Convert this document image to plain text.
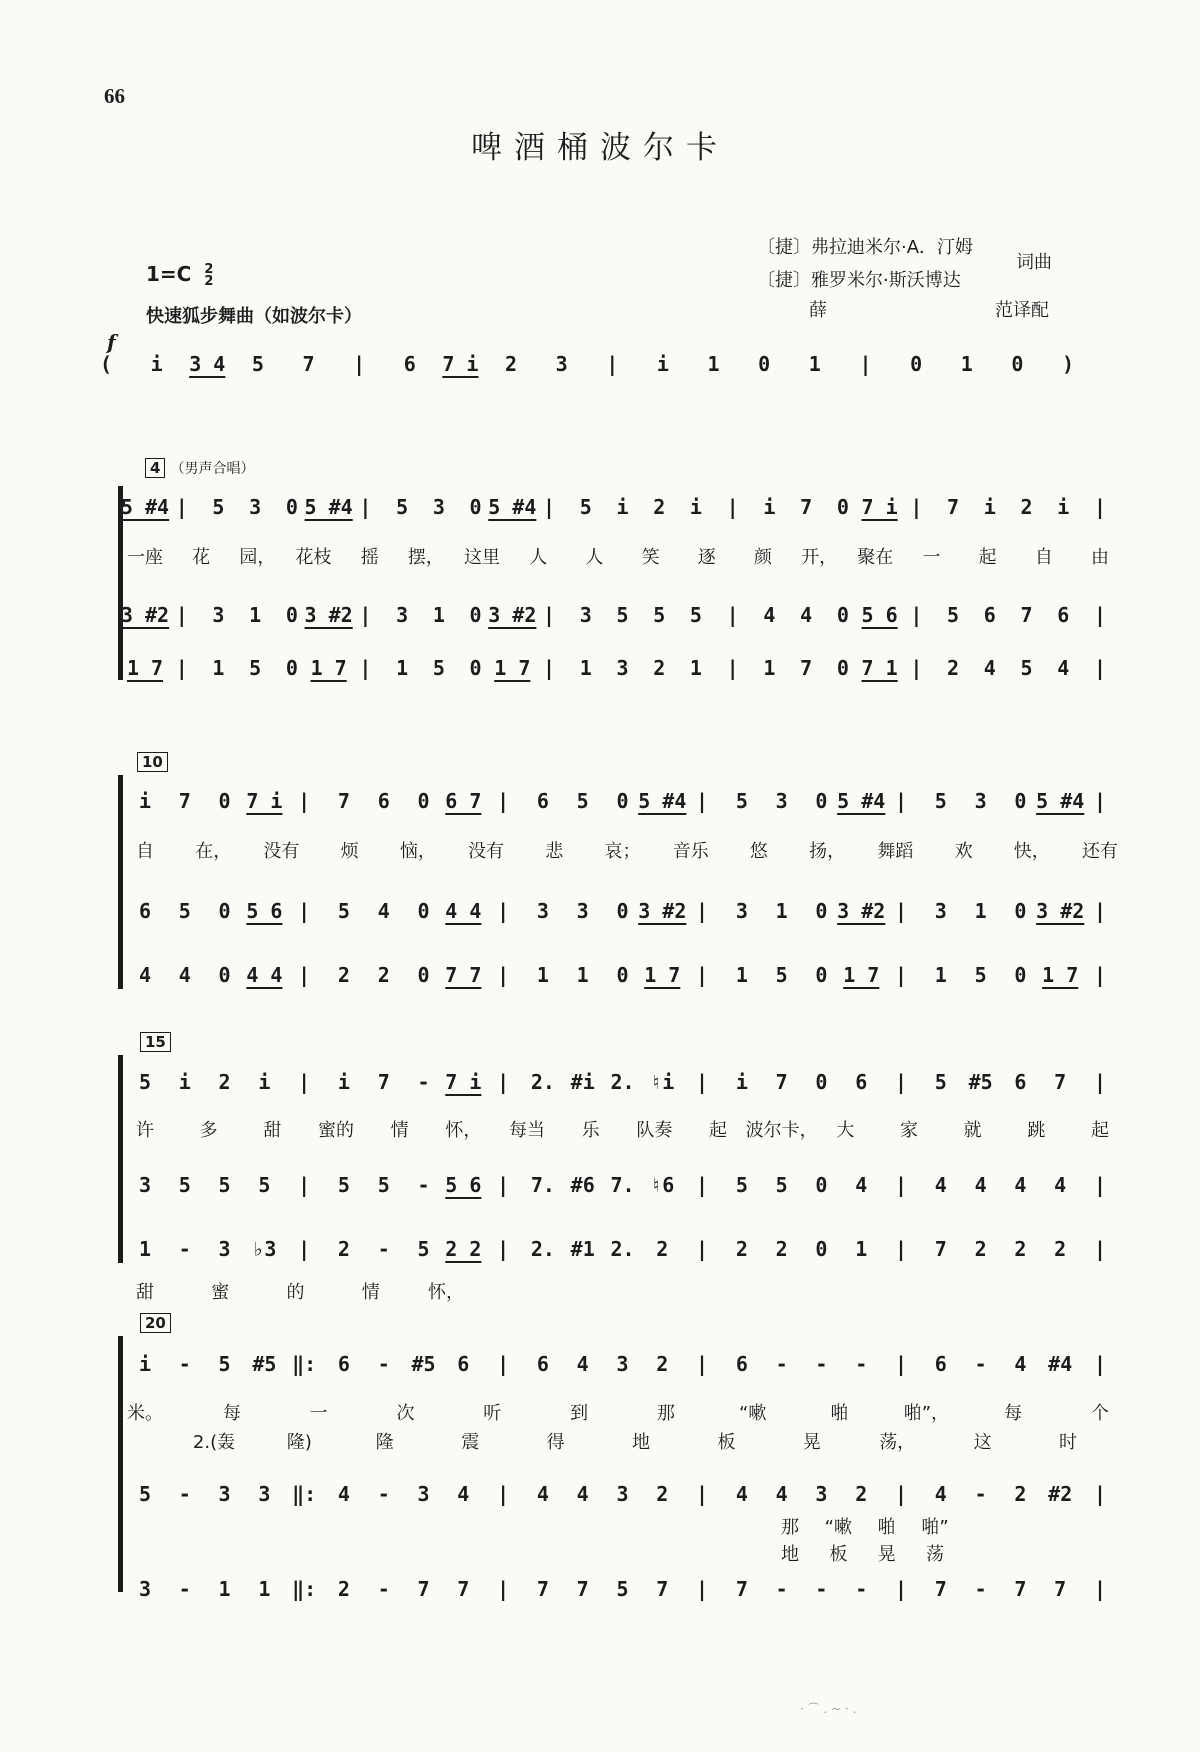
66
啤酒桶波尔卡
1=C 2
2
快速狐步舞曲（如波尔卡）
〔捷〕弗拉迪米尔·A．汀姆
〔捷〕雅罗米尔·斯沃博达
词曲
薛	范译配
f
4 （男声合唱）
10
15
20
( i 3 4 5 7 | 6 7 i 2 3 | i 1 0 1 | 0 1 0 )
5 #4 | 5 3 0 5 #4 | 5 3 0 5 #4 | 5 i 2 i | i 7 0 7 i | 7 i 2 i |
一座 花 园， 花枝 摇 摆， 这里 人 人 笑 逐 颜 开， 聚在 一 起 自 由
3 #2 | 3 1 0 3 #2 | 3 1 0 3 #2 | 3 5 5 5 | 4 4 0 5 6 | 5 6 7 6 |
1 7 | 1 5 0 1 7 | 1 5 0 1 7 | 1 3 2 1 | 1 7 0 7 1 | 2 4 5 4 |
i 7 0 7 i | 7 6 0 6 7 | 6 5 0 5 #4 | 5 3 0 5 #4 | 5 3 0 5 #4 |
自 在， 没有 烦 恼， 没有 悲 哀； 音乐 悠 扬， 舞蹈 欢 快， 还有
6 5 0 5 6 | 5 4 0 4 4 | 3 3 0 3 #2 | 3 1 0 3 #2 | 3 1 0 3 #2 |
4 4 0 4 4 | 2 2 0 7 7 | 1 1 0 1 7 | 1 5 0 1 7 | 1 5 0 1 7 |
5 i 2 i | i 7 - 7 i | 2. #i 2. ♮i | i 7 0 6 | 5 #5 6 7 |
许	多	甜 蜜的 情 怀， 每当 乐 队奏 起 波尔卡， 大	家	就	跳	起
3 5 5 5 | 5 5 - 5 6 | 7. #6 7. ♮6 | 5 5 0 4 | 4 4 4 4 |
1 - 3 ♭3 | 2 - 5 2 2 | 2. #1 2. 2 | 2 2 0 1 | 7 2 2 2 |
甜	蜜	的	情	怀，
i - 5 #5 ‖: 6 - #5 6 | 6 4 3 2 | 6 - - - | 6 - 4 #4 |
米。	每	一	次	听	到	那	“嗽	啪	啪”，	每	个
2.(轰	隆)	隆	震	得	地	板	晃	荡，	这	时
5 - 3 3 ‖: 4 - 3 4 | 4 4 3 2 | 4 4 3 2 | 4 - 2 #2 |
那 “嗽 啪 啪”
地 板 晃 荡
3 - 1 1 ‖: 2 - 7 7 | 7 7 5 7 | 7 - - - | 7 - 7 7 |
· ⌒ . ~ · .
